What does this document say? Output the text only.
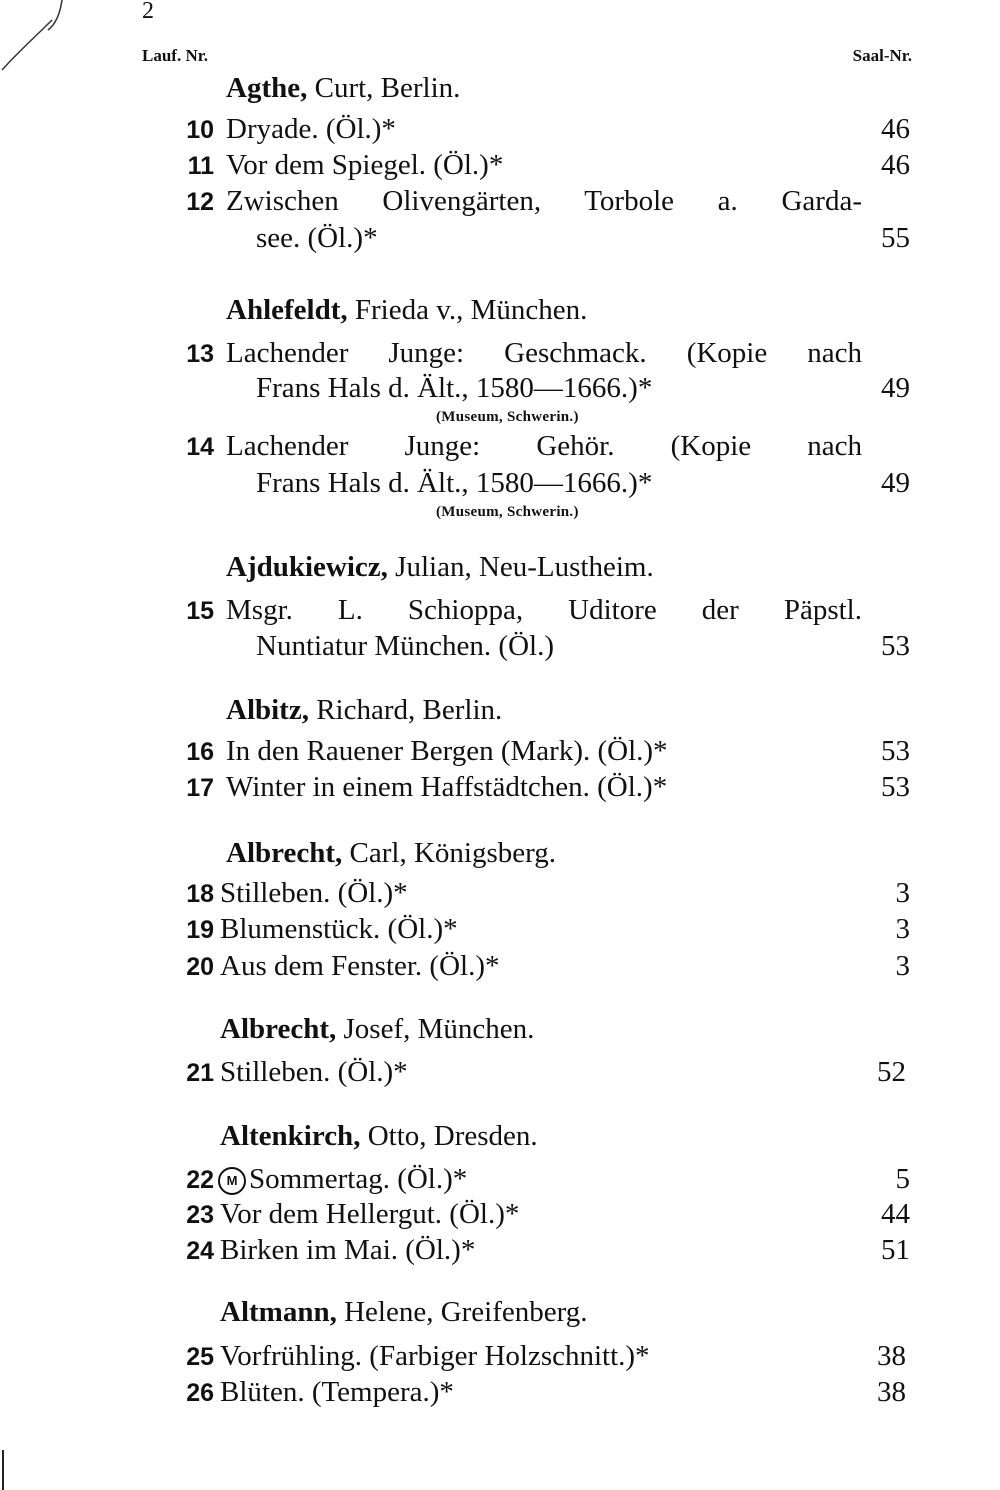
2
Lauf. Nr.	Saal-Nr.
Agthe, Curt, Berlin.
10 Dryade. (Öl.)*	46
11 Vor dem Spiegel. (Öl.)*	46
12 Zwischen Olivengärten, Torbole a. Garda-
see. (Öl.)*	55
Ahlefeldt, Frieda v., München.
13 Lachender Junge: Geschmack. (Kopie nach
Frans Hals d. Ält., 1580—1666.)*	49
(Museum, Schwerin.)
14 Lachender Junge: Gehör. (Kopie nach
Frans Hals d. Ält., 1580—1666.)*	49
(Museum, Schwerin.)
Ajdukiewicz, Julian, Neu-Lustheim.
15 Msgr. L. Schioppa, Uditore der Päpstl.
Nuntiatur München. (Öl.)	53
Albitz, Richard, Berlin.
16 In den Rauener Bergen (Mark). (Öl.)*	53
17 Winter in einem Haffstädtchen. (Öl.)*	53
Albrecht, Carl, Königsberg.
18 Stilleben. (Öl.)*	3
19 Blumenstück. (Öl.)*	3
20 Aus dem Fenster. (Öl.)*	3
Albrecht, Josef, München.
21 Stilleben. (Öl.)*	52
Altenkirch, Otto, Dresden.
22 M Sommertag. (Öl.)*	5
23 Vor dem Hellergut. (Öl.)*	44
24 Birken im Mai. (Öl.)*	51
Altmann, Helene, Greifenberg.
25 Vorfrühling. (Farbiger Holzschnitt.)*	38
26 Blüten. (Tempera.)*	38
